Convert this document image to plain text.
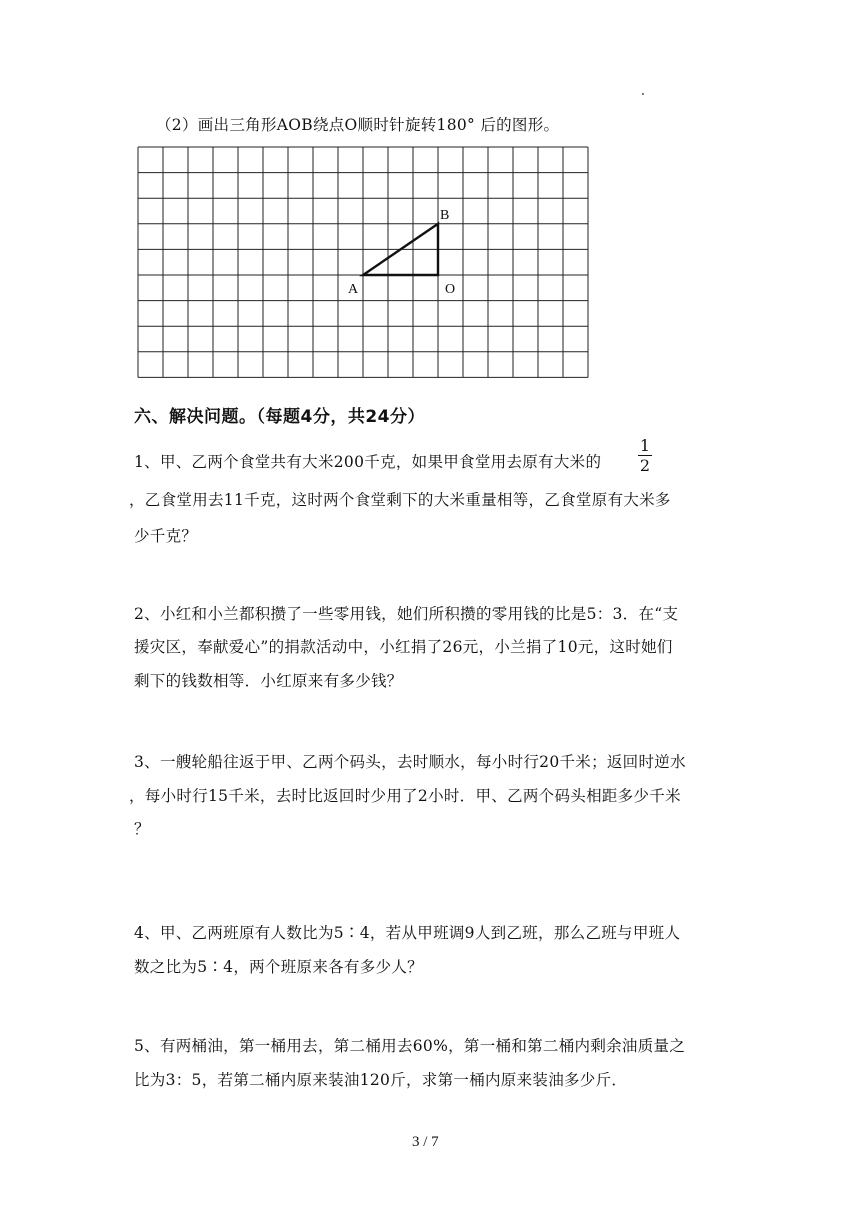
（2）画出三角形AOB绕点O顺时针旋转180° 后的图形。
A	O
B
六、解决问题。（每题4分，共24分）
1、甲、乙两个食堂共有大米200千克，如果甲食堂用去原有大米的
1
2
，乙食堂用去11千克，这时两个食堂剩下的大米重量相等，乙食堂原有大米多
少千克？
2、小红和小兰都积攒了一些零用钱，她们所积攒的零用钱的比是5：3．在“支
援灾区，奉献爱心”的捐款活动中，小红捐了26元，小兰捐了10元，这时她们
剩下的钱数相等．小红原来有多少钱？
3、一艘轮船往返于甲、乙两个码头，去时顺水，每小时行20千米；返回时逆水
，每小时行15千米，去时比返回时少用了2小时．甲、乙两个码头相距多少千米
？
4、甲、乙两班原有人数比为5∶4，若从甲班调9人到乙班，那么乙班与甲班人
数之比为5∶4，两个班原来各有多少人？
5、有两桶油，第一桶用去，第二桶用去60%，第一桶和第二桶内剩余油质量之
比为3：5，若第二桶内原来装油120斤，求第一桶内原来装油多少斤．
3 / 7
